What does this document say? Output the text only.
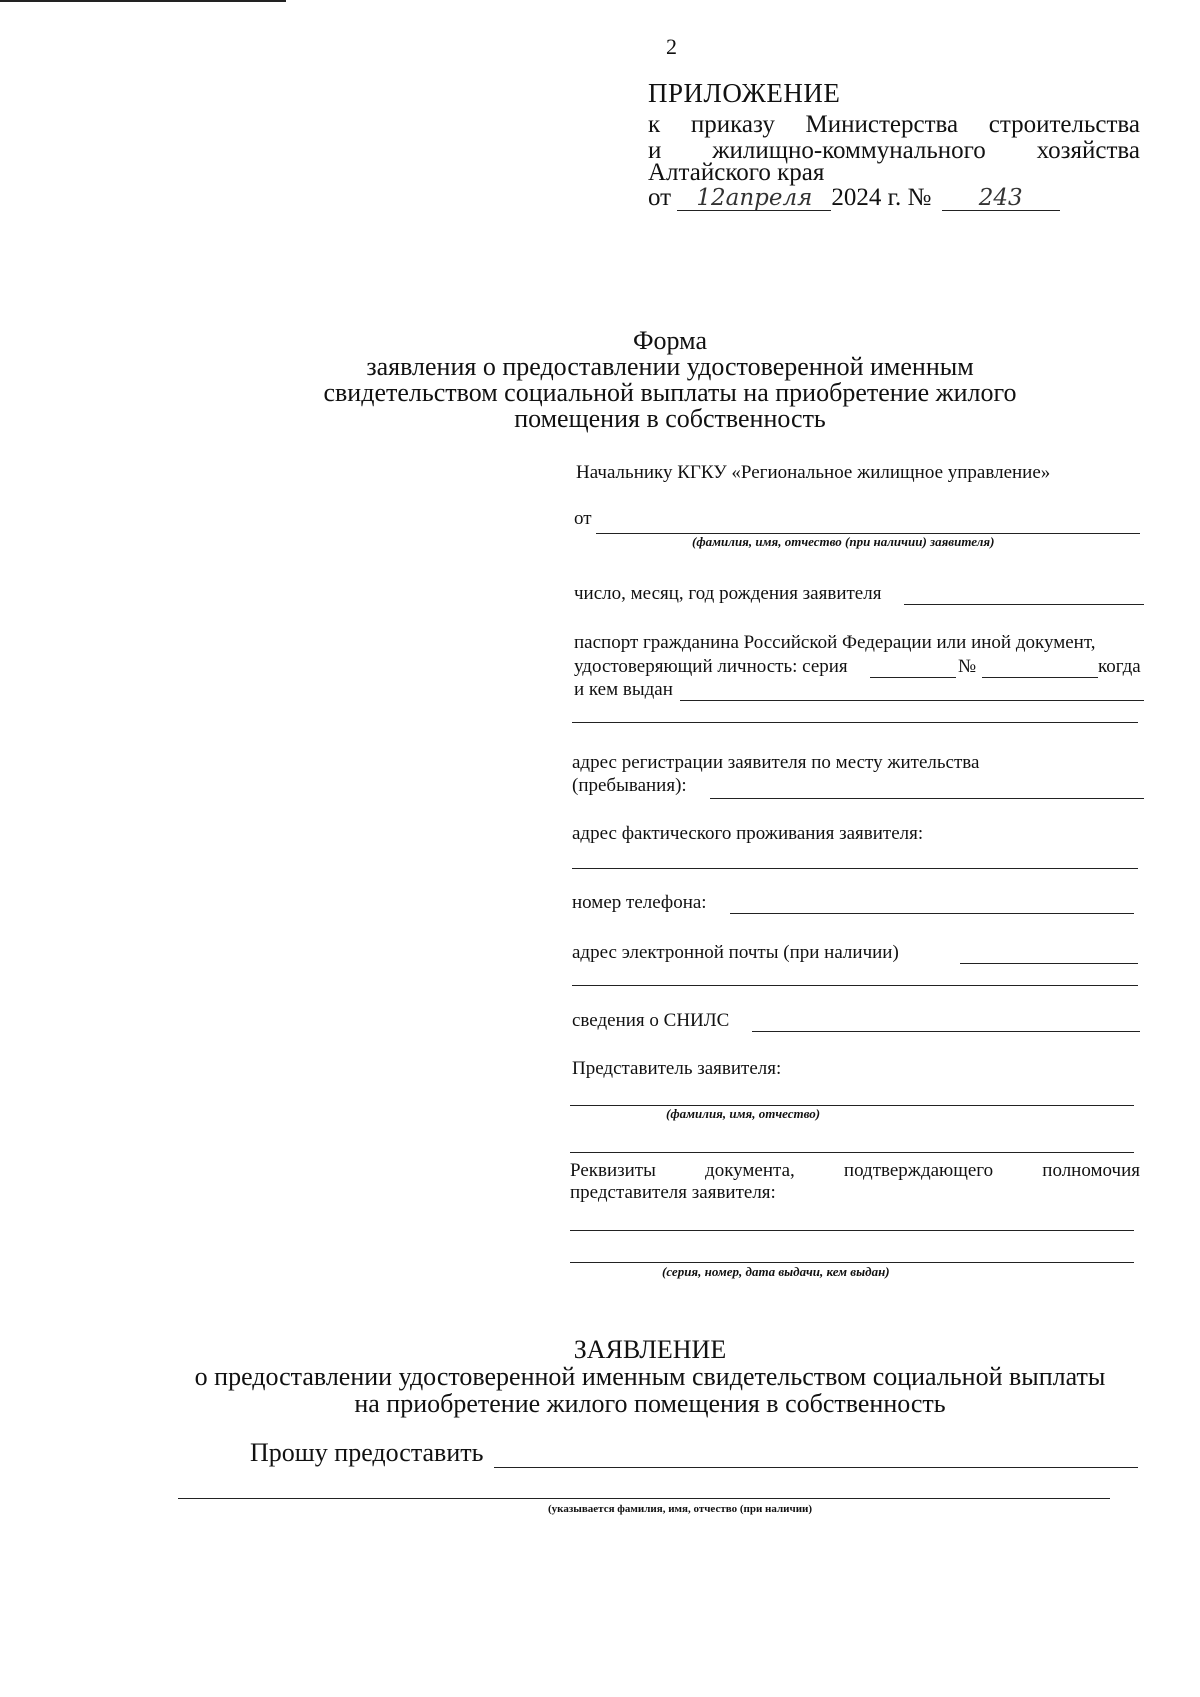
2
ПРИЛОЖЕНИЕ
к приказу Министерства строительства
и жилищно-коммунального хозяйства
Алтайского края
от 12апреля 2024 г. № 243
Форма
заявления о предоставлении удостоверенной именным
свидетельством социальной выплаты на приобретение жилого
помещения в собственность
Начальнику КГКУ «Региональное жилищное управление»
от
(фамилия, имя, отчество (при наличии) заявителя)
число, месяц, год рождения заявителя
паспорт гражданина Российской Федерации или иной документ,
удостоверяющий личность: серия	№	когда
и кем выдан
адрес регистрации заявителя по месту жительства
(пребывания):
адрес фактического проживания заявителя:
номер телефона:
адрес электронной почты (при наличии)
сведения о СНИЛС
Представитель заявителя:
(фамилия, имя, отчество)
Реквизиты документа, подтверждающего полномочия
представителя заявителя:
(серия, номер, дата выдачи, кем выдан)
ЗАЯВЛЕНИЕ
о предоставлении удостоверенной именным свидетельством социальной выплаты
на приобретение жилого помещения в собственность
Прошу предоставить
(указывается фамилия, имя, отчество (при наличии)
